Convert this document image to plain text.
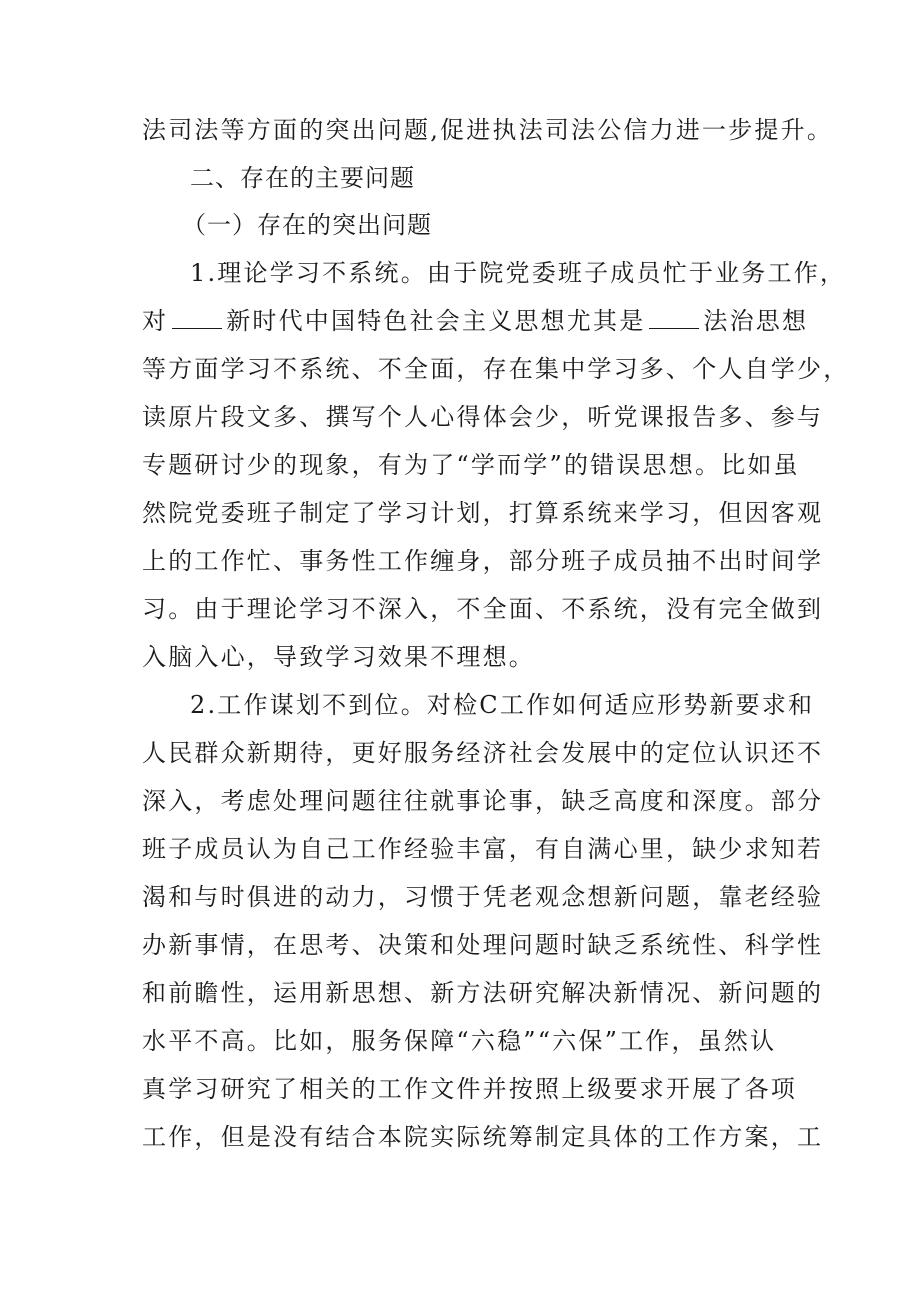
法司法等方面的突出问题,促进执法司法公信力进一步提升。
二、存在的主要问题
（一）存在的突出问题
1.理论学习不系统。由于院党委班子成员忙于业务工作，
对 新时代中国特色社会主义思想尤其是 法治思想
等方面学习不系统、不全面，存在集中学习多、个人自学少，
读原片段文多、撰写个人心得体会少，听党课报告多、参与
专题研讨少的现象，有为了“学而学”的错误思想。比如虽
然院党委班子制定了学习计划，打算系统来学习，但因客观
上的工作忙、事务性工作缠身，部分班子成员抽不出时间学
习。由于理论学习不深入，不全面、不系统，没有完全做到
入脑入心，导致学习效果不理想。
2.工作谋划不到位。对检C工作如何适应形势新要求和
人民群众新期待，更好服务经济社会发展中的定位认识还不
深入，考虑处理问题往往就事论事，缺乏高度和深度。部分
班子成员认为自己工作经验丰富，有自满心里，缺少求知若
渴和与时俱进的动力，习惯于凭老观念想新问题，靠老经验
办新事情，在思考、决策和处理问题时缺乏系统性、科学性
和前瞻性，运用新思想、新方法研究解决新情况、新问题的
水平不高。比如，服务保障“六稳”“六保”工作，虽然认
真学习研究了相关的工作文件并按照上级要求开展了各项
工作，但是没有结合本院实际统筹制定具体的工作方案，工
